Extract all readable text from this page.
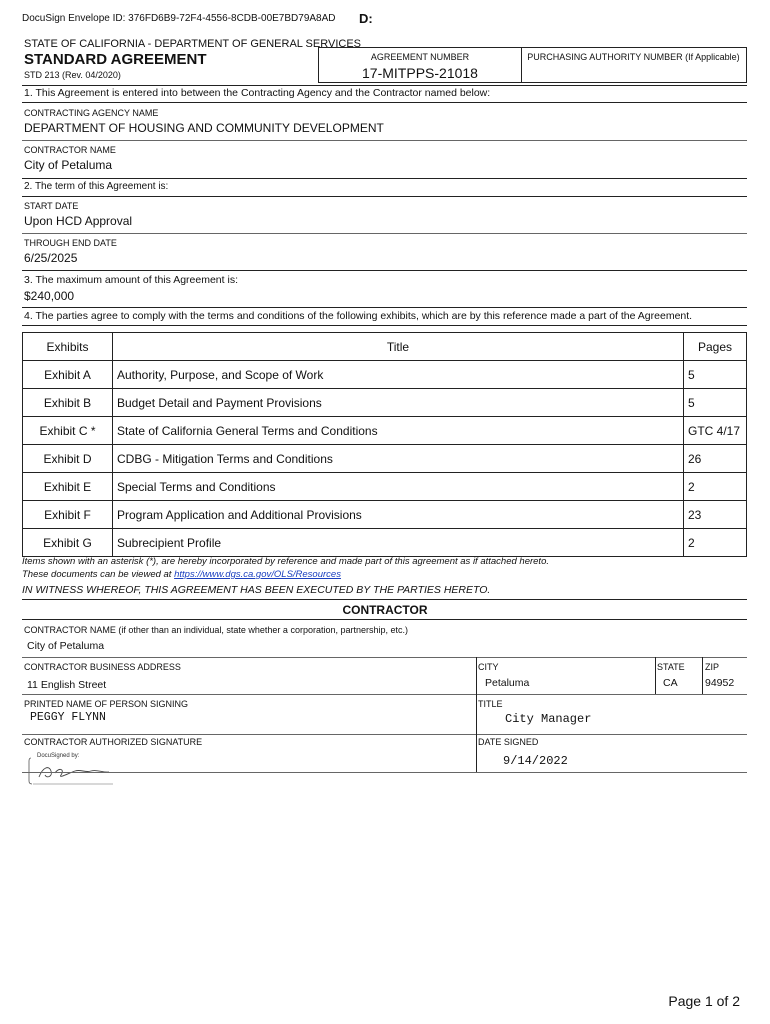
DocuSign Envelope ID: 376FD6B9-72F4-4556-8CDB-00E7BD79A8AD D:
STATE OF CALIFORNIA - DEPARTMENT OF GENERAL SERVICES
STANDARD AGREEMENT
STD 213 (Rev. 04/2020)
AGREEMENT NUMBER
17-MITPPS-21018
PURCHASING AUTHORITY NUMBER (If Applicable)
1. This Agreement is entered into between the Contracting Agency and the Contractor named below:
CONTRACTING AGENCY NAME
DEPARTMENT OF HOUSING AND COMMUNITY DEVELOPMENT
CONTRACTOR NAME
City of Petaluma
2. The term of this Agreement is:
START DATE
Upon HCD Approval
THROUGH END DATE
6/25/2025
3. The maximum amount of this Agreement is:
$240,000
4. The parties agree to comply with the terms and conditions of the following exhibits, which are by this reference made a part of the Agreement.
Exhibits	Title	Pages
Exhibit A	Authority, Purpose, and Scope of Work	5
Exhibit B	Budget Detail and Payment Provisions	5
Exhibit C *	State of California General Terms and Conditions	GTC 4/17
Exhibit D	CDBG - Mitigation Terms and Conditions	26
Exhibit E	Special Terms and Conditions	2
Exhibit F	Program Application and Additional Provisions	23
Exhibit G	Subrecipient Profile	2
Items shown with an asterisk (*), are hereby incorporated by reference and made part of this agreement as if attached hereto.
These documents can be viewed at https://www.dgs.ca.gov/OLS/Resources
IN WITNESS WHEREOF, THIS AGREEMENT HAS BEEN EXECUTED BY THE PARTIES HERETO.
CONTRACTOR
CONTRACTOR NAME (if other than an individual, state whether a corporation, partnership, etc.)
City of Petaluma
CONTRACTOR BUSINESS ADDRESS
11 English Street
CITY
Petaluma
STATE
CA
ZIP
94952
PRINTED NAME OF PERSON SIGNING
PEGGY FLYNN
TITLE
City Manager
CONTRACTOR AUTHORIZED SIGNATURE
DocuSigned by:
DATE SIGNED
9/14/2022
Page 1 of 2
